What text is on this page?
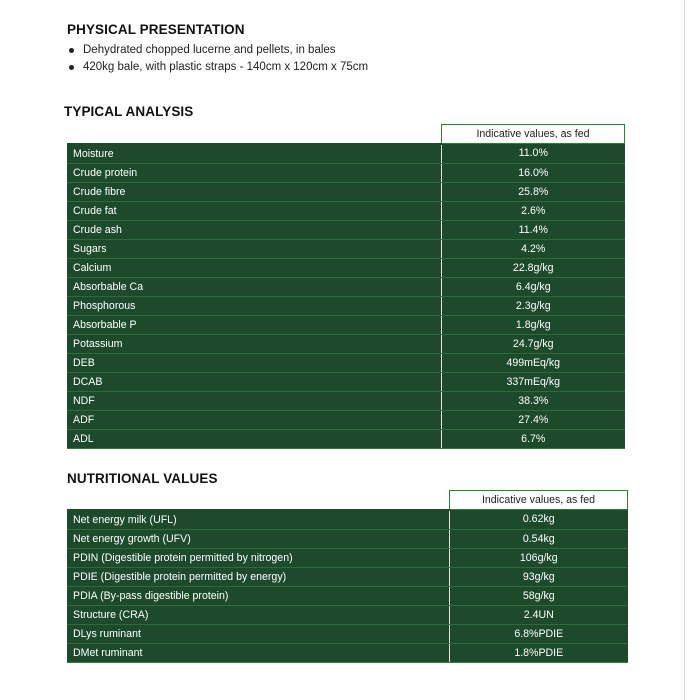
PHYSICAL PRESENTATION
Dehydrated chopped lucerne and pellets, in bales
420kg bale, with plastic straps - 140cm x 120cm x 75cm
TYPICAL ANALYSIS
	Indicative values, as fed
Moisture	11.0%
Crude protein	16.0%
Crude fibre	25.8%
Crude fat	2.6%
Crude ash	11.4%
Sugars	4.2%
Calcium	22.8g/kg
Absorbable Ca	6.4g/kg
Phosphorous	2.3g/kg
Absorbable P	1.8g/kg
Potassium	24.7g/kg
DEB	499mEq/kg
DCAB	337mEq/kg
NDF	38.3%
ADF	27.4%
ADL	6.7%
NUTRITIONAL VALUES
	Indicative values, as fed
Net energy milk (UFL)	0.62kg
Net energy growth (UFV)	0.54kg
PDIN (Digestible protein permitted by nitrogen)	106g/kg
PDIE (Digestible protein permitted by energy)	93g/kg
PDIA (By-pass digestible protein)	58g/kg
Structure (CRA)	2.4UN
DLys ruminant	6.8%PDIE
DMet ruminant	1.8%PDIE
